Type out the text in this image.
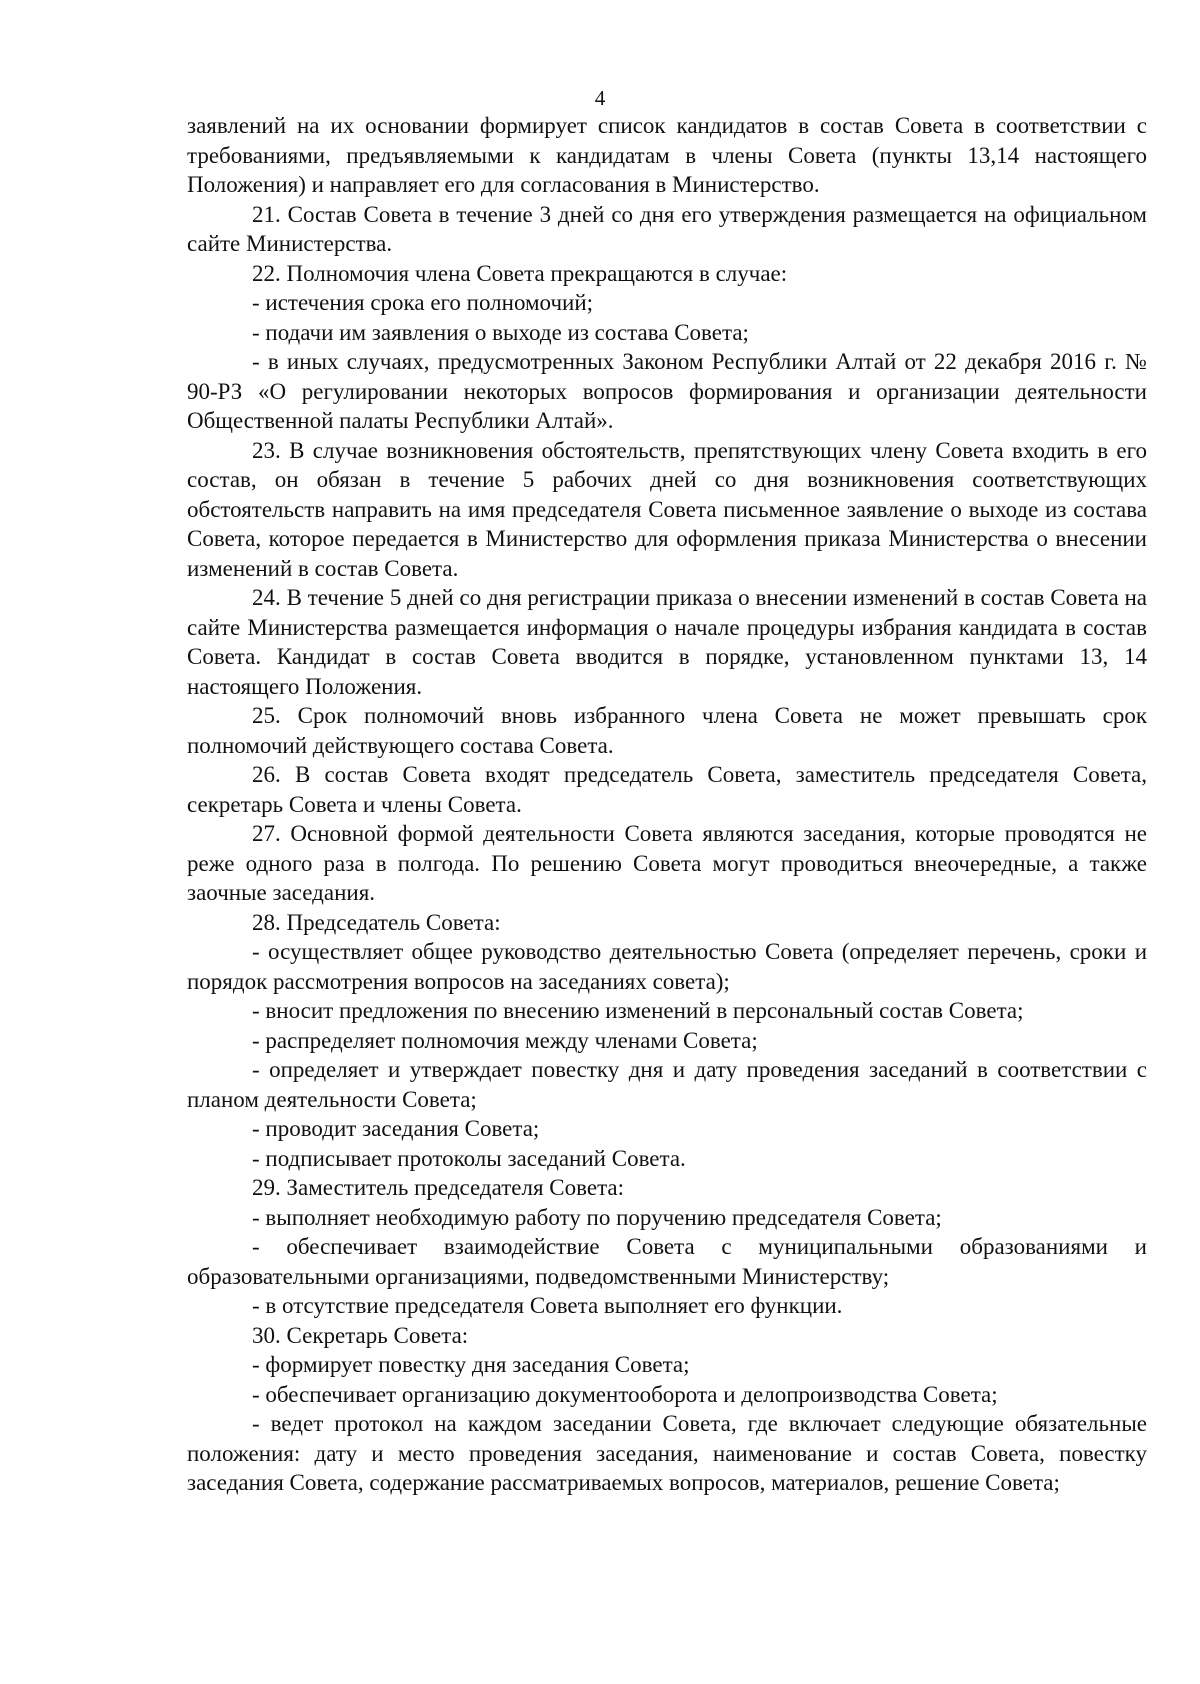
4

заявлений на их основании формирует список кандидатов в состав Совета в соответствии с требованиями, предъявляемыми к кандидатам в члены Совета (пункты 13,14 настоящего Положения) и направляет его для согласования в Министерство.

21. Состав Совета в течение 3 дней со дня его утверждения размещается на официальном сайте Министерства.

22. Полномочия члена Совета прекращаются в случае:

- истечения срока его полномочий;

- подачи им заявления о выходе из состава Совета;

- в иных случаях, предусмотренных Законом Республики Алтай от 22 декабря 2016 г. № 90-РЗ «О регулировании некоторых вопросов формирования и организации деятельности Общественной палаты Республики Алтай».

23. В случае возникновения обстоятельств, препятствующих члену Совета входить в его состав, он обязан в течение 5 рабочих дней со дня возникновения соответствующих обстоятельств направить на имя председателя Совета письменное заявление о выходе из состава Совета, которое передается в Министерство для оформления приказа Министерства о внесении изменений в состав Совета.

24. В течение 5 дней со дня регистрации приказа о внесении изменений в состав Совета на сайте Министерства размещается информация о начале процедуры избрания кандидата в состав Совета. Кандидат в состав Совета вводится в порядке, установленном пунктами 13, 14 настоящего Положения.

25. Срок полномочий вновь избранного члена Совета не может превышать срок полномочий действующего состава Совета.

26. В состав Совета входят председатель Совета, заместитель председателя Совета, секретарь Совета и члены Совета.

27. Основной формой деятельности Совета являются заседания, которые проводятся не реже одного раза в полгода. По решению Совета могут проводиться внеочередные, а также заочные заседания.

28. Председатель Совета:

- осуществляет общее руководство деятельностью Совета (определяет перечень, сроки и порядок рассмотрения вопросов на заседаниях совета);

- вносит предложения по внесению изменений в персональный состав Совета;

- распределяет полномочия между членами Совета;

- определяет и утверждает повестку дня и дату проведения заседаний в соответствии с планом деятельности Совета;

- проводит заседания Совета;

- подписывает протоколы заседаний Совета.

29. Заместитель председателя Совета:

- выполняет необходимую работу по поручению председателя Совета;

- обеспечивает взаимодействие Совета с муниципальными образованиями и образовательными организациями, подведомственными Министерству;

- в отсутствие председателя Совета выполняет его функции.

30. Секретарь Совета:

- формирует повестку дня заседания Совета;

- обеспечивает организацию документооборота и делопроизводства Совета;

- ведет протокол на каждом заседании Совета, где включает следующие обязательные положения: дату и место проведения заседания, наименование и состав Совета, повестку заседания Совета, содержание рассматриваемых вопросов, материалов, решение Совета;
